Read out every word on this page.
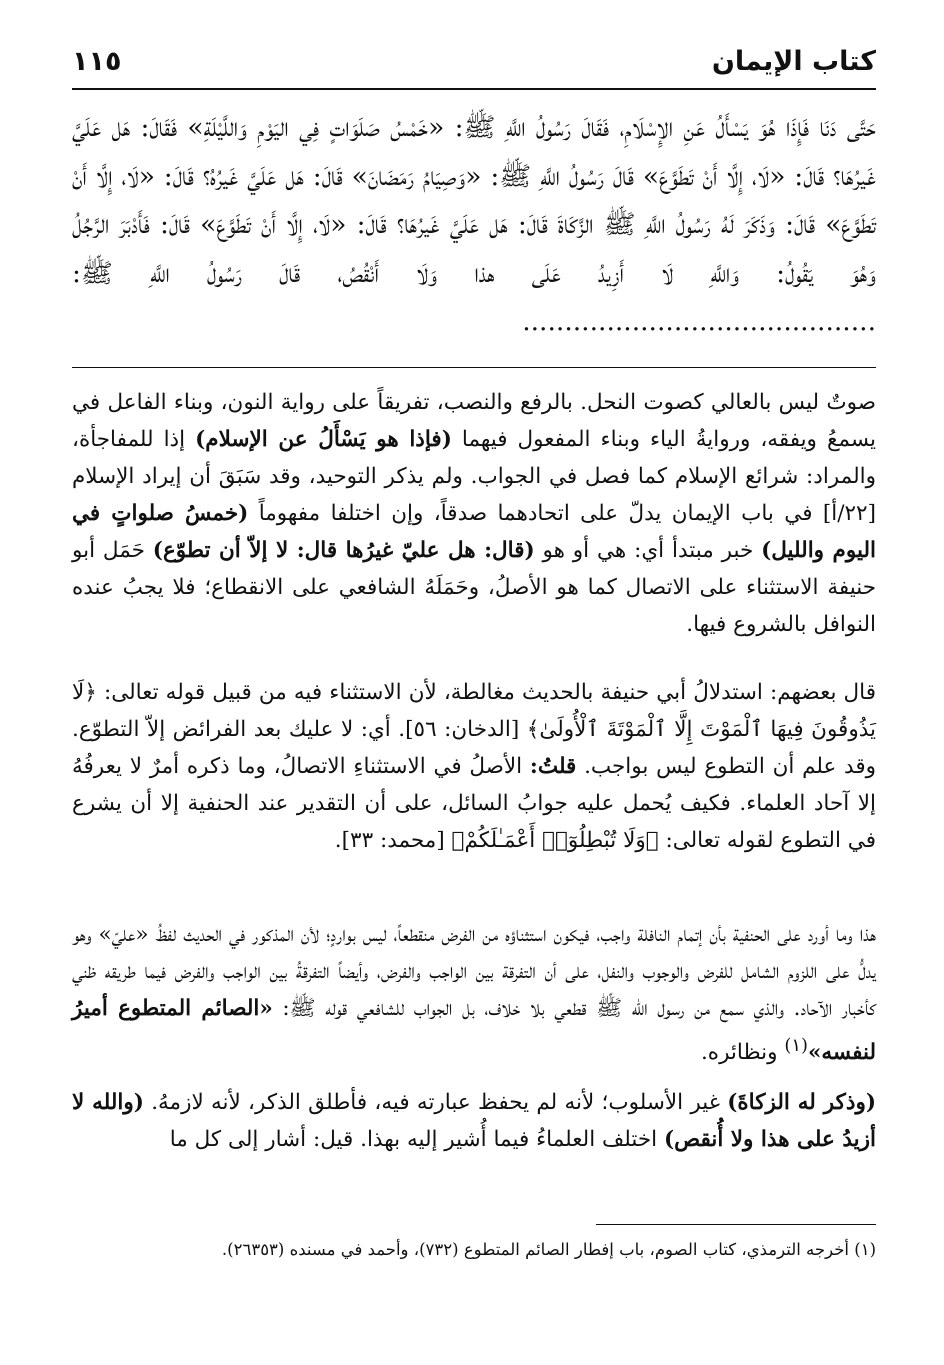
كتاب الإيمان
١١٥
حَتَّى دَنَا فَإِذَا هُوَ يَسْأَلُ عَنِ الإِسْلَامِ، فَقَالَ رَسُولُ اللَّهِ ﷺ: «خَمْسُ صَلَوَاتٍ فِي اليَوْمِ وَاللَّيْلَةِ» فَقَالَ: هَل عَلَيَّ غَيرُهَا؟ قَالَ: «لَا، إِلَّا أَنْ تَطَوَّعَ» قَالَ رَسُولُ اللَّهِ ﷺ: «وَصِيَامُ رَمَضَانَ» قَالَ: هَل عَلَيَّ غَيرُهُ؟ قَالَ: «لَا، إِلَّا أَنْ تَطَوَّعَ» قَالَ: وَذَكَرَ لَهُ رَسُولُ اللَّهِ ﷺ الزَّكَاةَ قَالَ: هَل عَلَيَّ غَيرُهَا؟ قَالَ: «لَا، إِلَّا أَنْ تَطَوَّعَ» قَالَ: فَأَدْبَرَ الرَّجُلُ وَهُوَ يَقُولُ: وَاللَّهِ لَا أَزِيدُ عَلَى هذا وَلَا أَنْقُصُ، قَالَ رَسُولُ اللَّهِ ﷺ: ..........................................
صوتٌ ليس بالعالي كصوت النحل. بالرفع والنصب، تفريقاً على رواية النون، وبناء الفاعل في يسمعُ ويفقه، وروايةُ الياء وبناء المفعول فيهما (فإذا هو يَسْأَلُ عن الإسلام) إذا للمفاجأة، والمراد: شرائع الإسلام كما فصل في الجواب. ولم يذكر التوحيد، وقد سَبَقَ أن إيراد الإسلام [٢٢/أ] في باب الإيمان يدلّ على اتحادهما صدقاً، وإن اختلفا مفهوماً (خمسُ صلواتٍ في اليوم والليل) خبر مبتدأ أي: هي أو هو (قال: هل عليّ غيرُها قال: لا إلاّ أن تطوّع) حَمَل أبو حنيفة الاستثناء على الاتصال كما هو الأصلُ، وحَمَلَهُ الشافعي على الانقطاع؛ فلا يجبُ عنده النوافل بالشروع فيها.
قال بعضهم: استدلالُ أبي حنيفة بالحديث مغالطة، لأن الاستثناء فيه من قبيل قوله تعالى: ﴿لَا يَذُوقُونَ فِيهَا ٱلْمَوْتَ إِلَّا ٱلْمَوْتَةَ ٱلْأُولَىٰ﴾ [الدخان: ٥٦]. أي: لا عليك بعد الفرائض إلاّ التطوّع. وقد علم أن التطوع ليس بواجب. قلتُ: الأصلُ في الاستثناءِ الاتصالُ، وما ذكره أمرٌ لا يعرفُهُ إلا آحاد العلماء. فكيف يُحمل عليه جوابُ السائل، على أن التقدير عند الحنفية إلا أن يشرع في التطوع لقوله تعالى: ﴿وَلَا تُبْطِلُوٓا۟ أَعْمَـٰلَكُمْ﴾ [محمد: ٣٣].
هذا وما أورد على الحنفية بأن إتمام النافلة واجب، فيكون استثناؤه من الفرض منقطعاً، ليس بواردٍ؛ لأن المذكور في الحديث لفظُ «عليّ» وهو يدلُّ على اللزوم الشامل للفرض والوجوب والنفل، على أن التفرقة بين الواجب والفرض، وأيضاً التفرقةُ بين الواجب والفرض فيما طريقه ظني كأخبار الآحاد. والذي سمع من رسول الله ﷺ قطعي بلا خلاف، بل الجواب للشافعي قوله ﷺ: «الصائم المتطوع أميرُ لنفسه»$^{(١)}$ ونظائره.
(وذكر له الزكاةَ) غير الأسلوب؛ لأنه لم يحفظ عبارته فيه، فأطلق الذكر، لأنه لازمهُ. (والله لا أزيدُ على هذا ولا أُنقص) اختلف العلماءُ فيما أُشير إليه بهذا. قيل: أشار إلى كل ما
(١) أخرجه الترمذي، كتاب الصوم، باب إفطار الصائم المتطوع (٧٣٢)، وأحمد في مسنده (٢٦٣٥٣).
